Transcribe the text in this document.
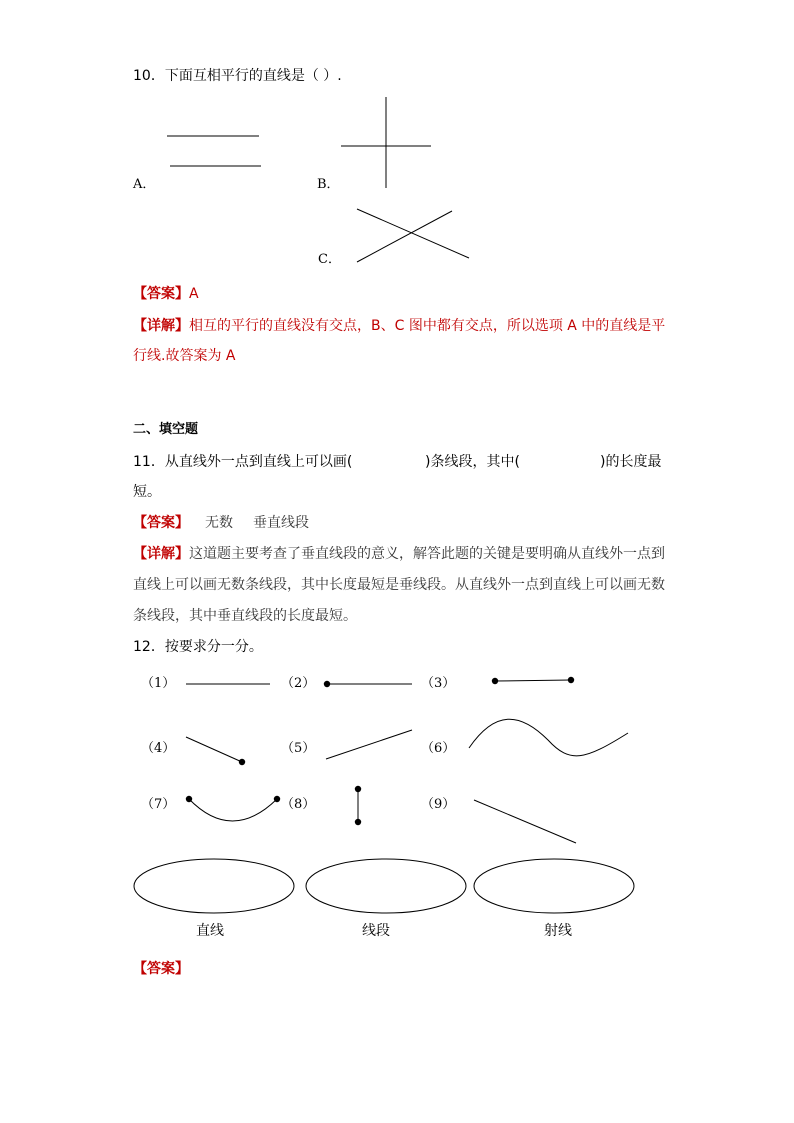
10．下面互相平行的直线是（ ）.
A．	B．
C．
【答案】A
【详解】相互的平行的直线没有交点，B、C 图中都有交点，所以选项 A 中的直线是平
行线.故答案为 A
二、填空题
11．从直线外一点到直线上可以画(	)条线段，其中(	)的长度最
短。
【答案】 无数 垂直线段
【详解】这道题主要考查了垂直线段的意义，解答此题的关键是要明确从直线外一点到
直线上可以画无数条线段，其中长度最短是垂线段。从直线外一点到直线上可以画无数
条线段，其中垂直线段的长度最短。
12．按要求分一分。
（1）	（2）	（3）
（4）	（5）	（6）
（7）	（8）	（9）
直线	线段	射线
【答案】
